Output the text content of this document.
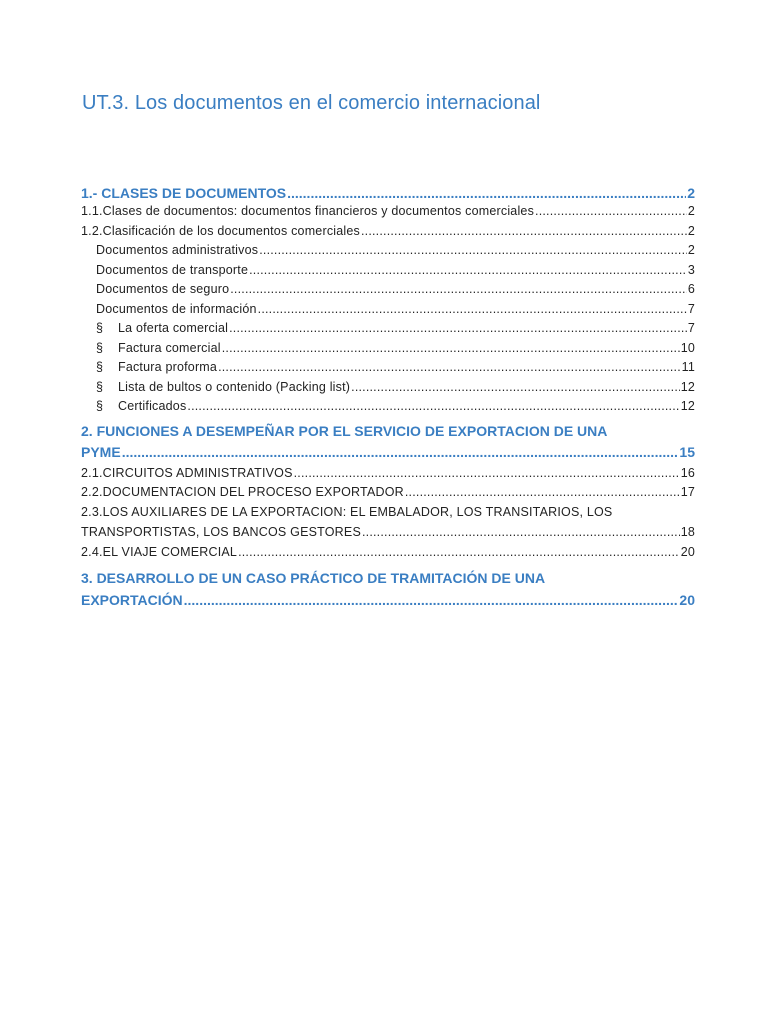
UT.3. Los documentos en el comercio internacional
1.- CLASES DE DOCUMENTOS .....	2
1.1.Clases de documentos: documentos financieros y documentos comerciales .....	2
1.2.Clasificación de los documentos comerciales .....	2
Documentos administrativos .....	2
Documentos de transporte .....	3
Documentos de seguro .....	6
Documentos de información .....	7
§ La oferta comercial .....	7
§ Factura comercial .....	10
§ Factura proforma .....	11
§ Lista de bultos o contenido (Packing list) .....	12
§ Certificados .....	12
2. FUNCIONES A DESEMPEÑAR POR EL SERVICIO DE EXPORTACION DE UNA
PYME .....	15
2.1.CIRCUITOS ADMINISTRATIVOS .....	16
2.2.DOCUMENTACION DEL PROCESO EXPORTADOR .....	17
2.3.LOS AUXILIARES DE LA EXPORTACION: EL EMBALADOR, LOS TRANSITARIOS, LOS
TRANSPORTISTAS, LOS BANCOS GESTORES .....	18
2.4.EL VIAJE COMERCIAL .....	20
3. DESARROLLO DE UN CASO PRÁCTICO DE TRAMITACIÓN DE UNA
EXPORTACIÓN .....	20
